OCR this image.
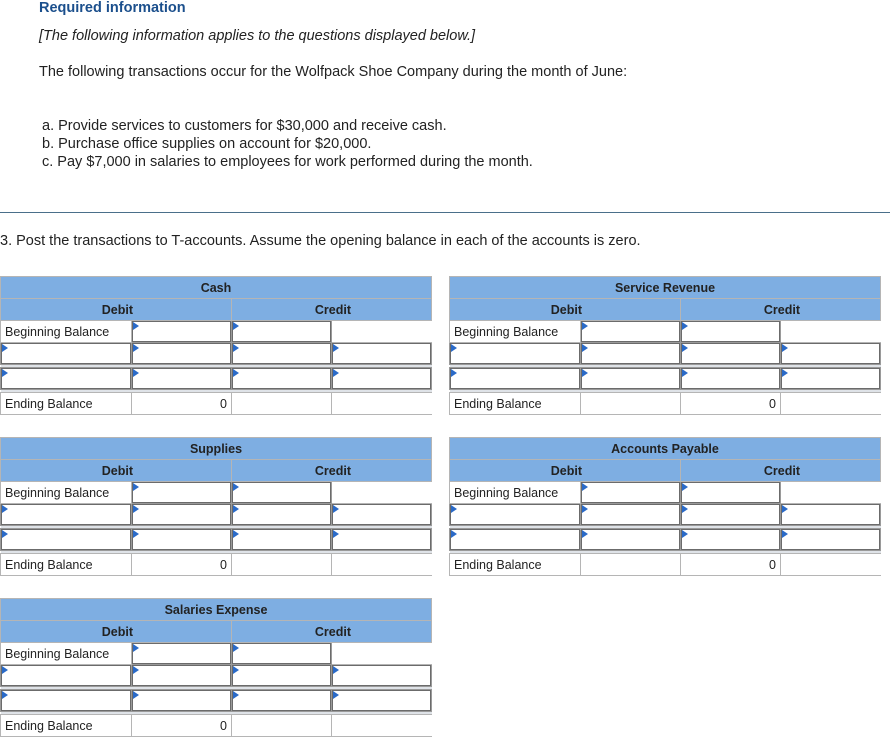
Required information
[The following information applies to the questions displayed below.]
The following transactions occur for the Wolfpack Shoe Company during the month of June:
a. Provide services to customers for $30,000 and receive cash.
b. Purchase office supplies on account for $20,000.
c. Pay $7,000 in salaries to employees for work performed during the month.
3. Post the transactions to T-accounts. Assume the opening balance in each of the accounts is zero.
Cash			
Debit		Credit	
Beginning Balance			

Ending Balance	0		
Service Revenue			
Debit		Credit	
Beginning Balance			

Ending Balance		0	
Supplies			
Debit		Credit	
Beginning Balance			

Ending Balance	0		
Accounts Payable			
Debit		Credit	
Beginning Balance			

Ending Balance		0	
Salaries Expense			
Debit		Credit	
Beginning Balance			

Ending Balance	0		
